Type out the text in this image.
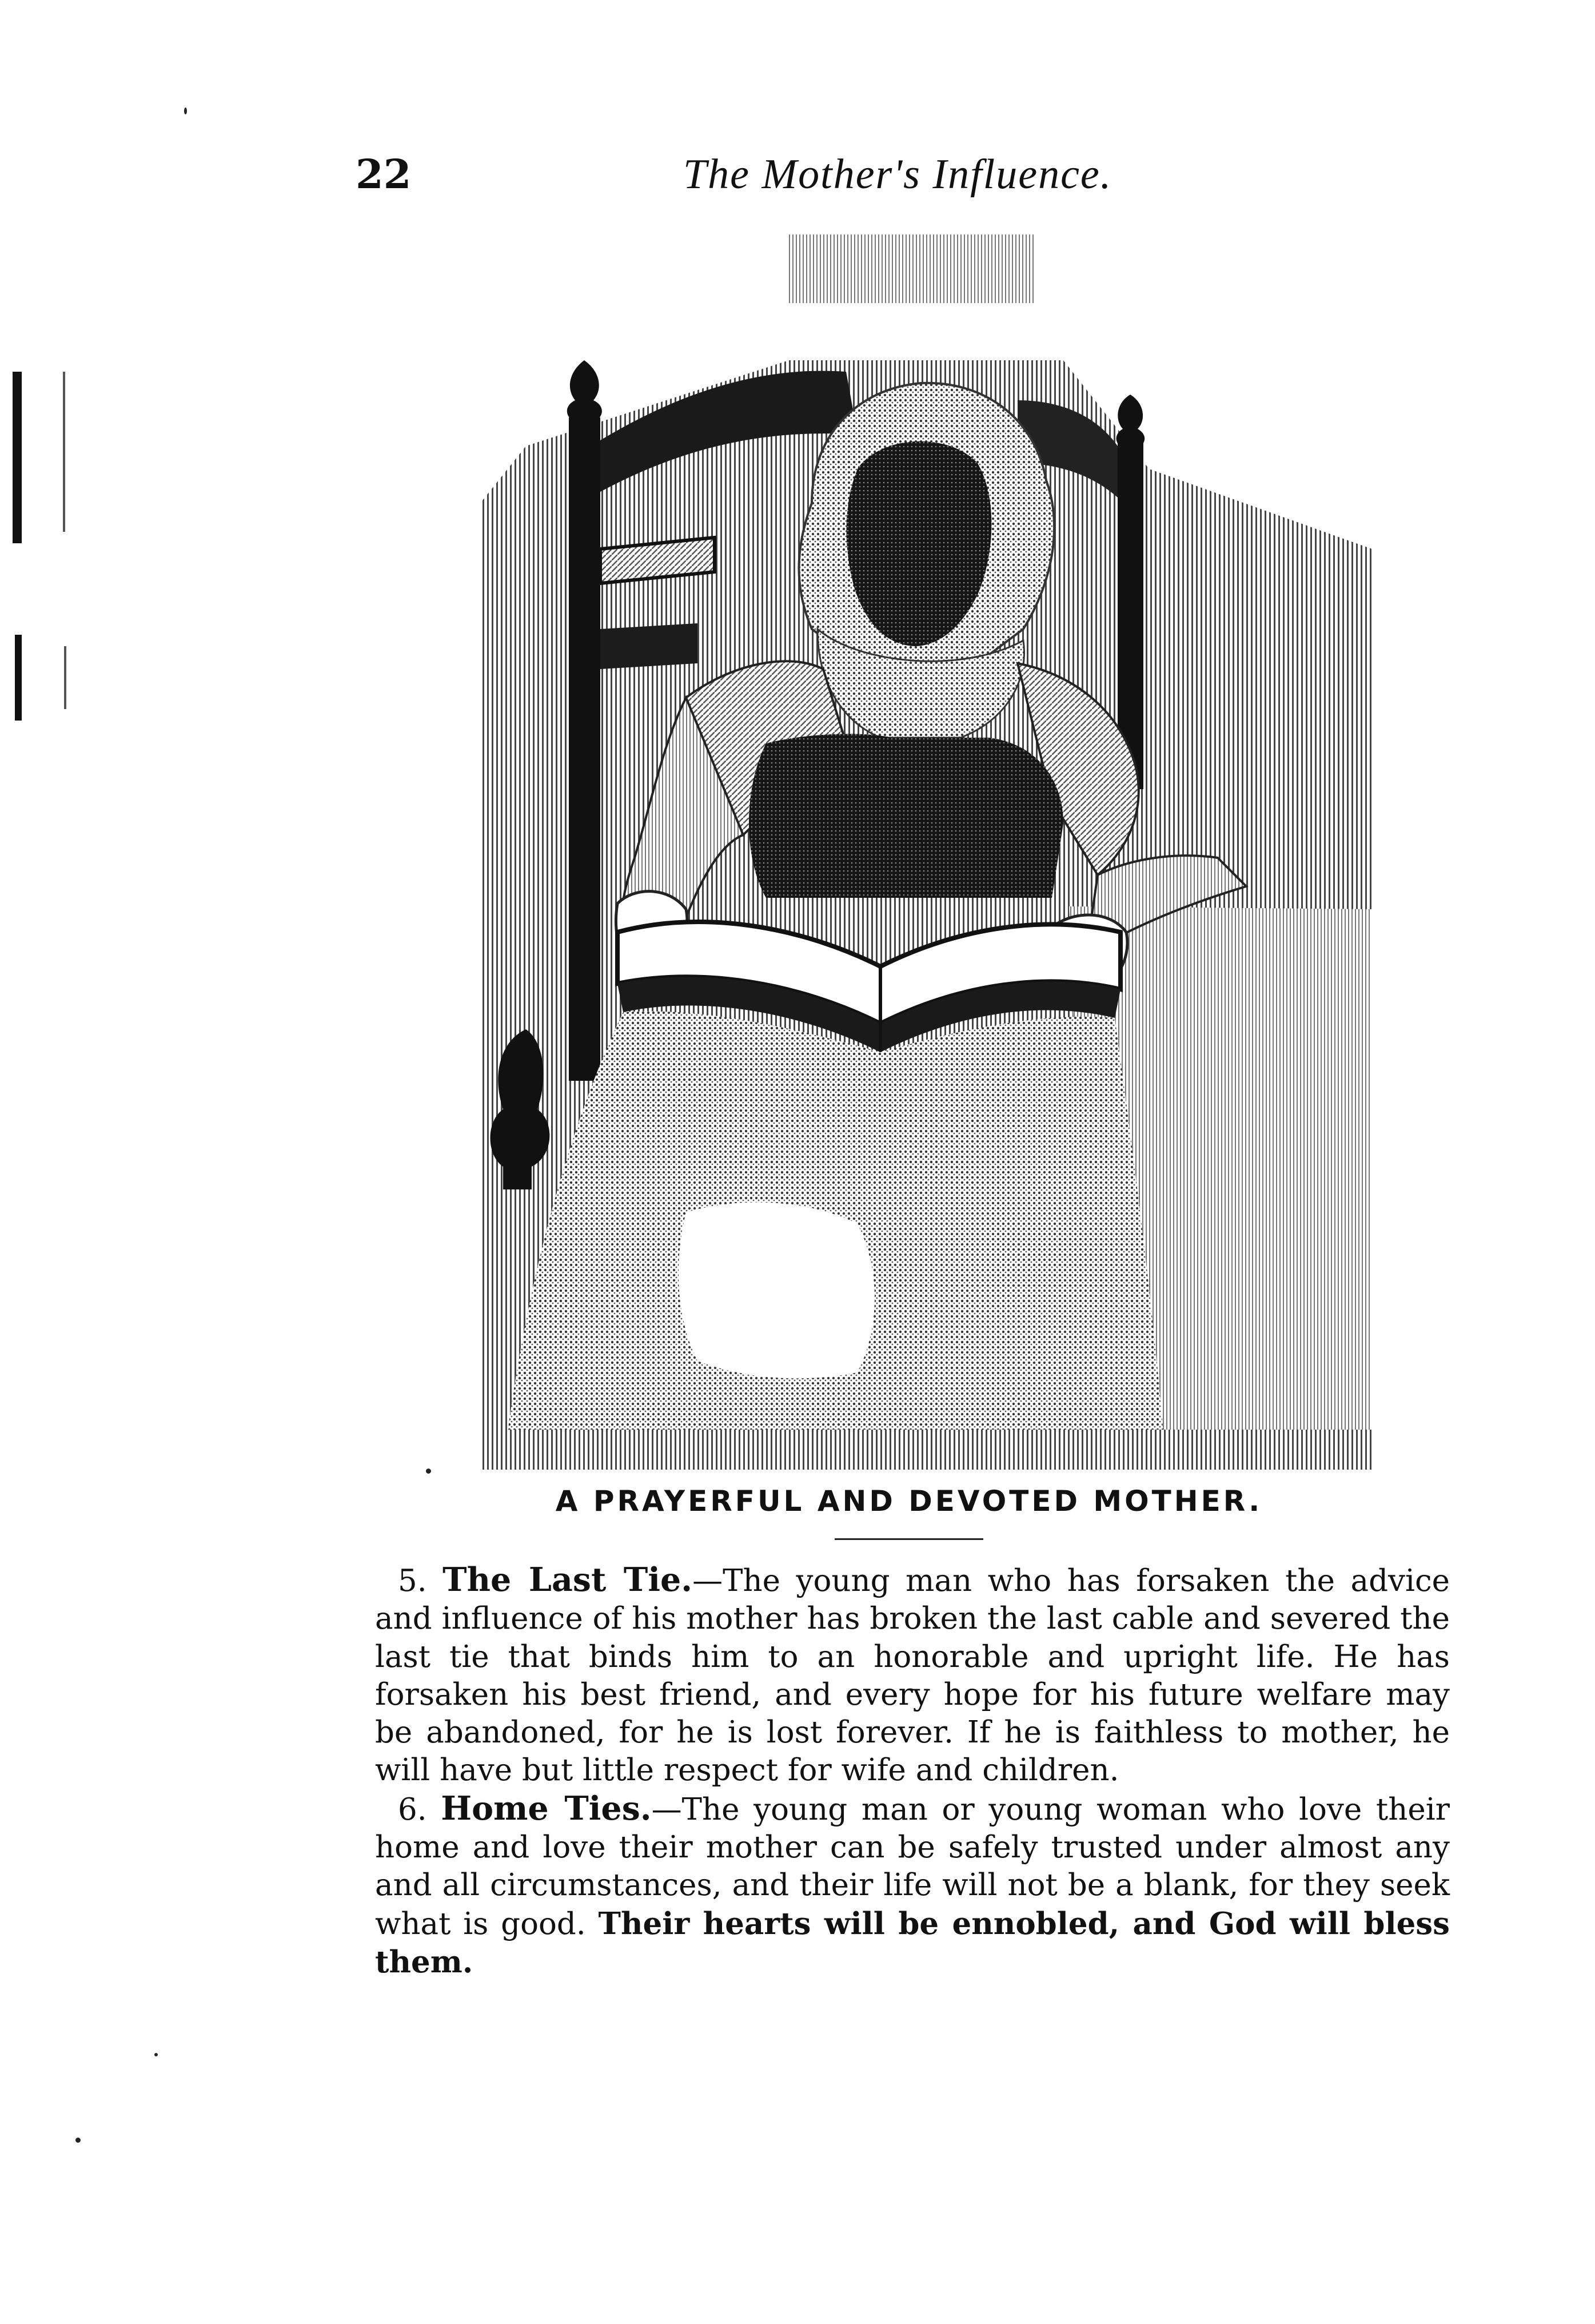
22	The Mother's Influence.
A PRAYERFUL AND DEVOTED MOTHER.

5. The Last Tie.—The young man who has forsaken the advice and influence of his mother has broken the last cable and severed the last tie that binds him to an honorable and upright life. He has forsaken his best friend, and every hope for his future welfare may be abandoned, for he is lost forever. If he is faithless to mother, he will have but little respect for wife and children.

6. Home Ties.—The young man or young woman who love their home and love their mother can be safely trusted under almost any and all circumstances, and their life will not be a blank, for they seek what is good. Their hearts will be ennobled, and God will bless them.
